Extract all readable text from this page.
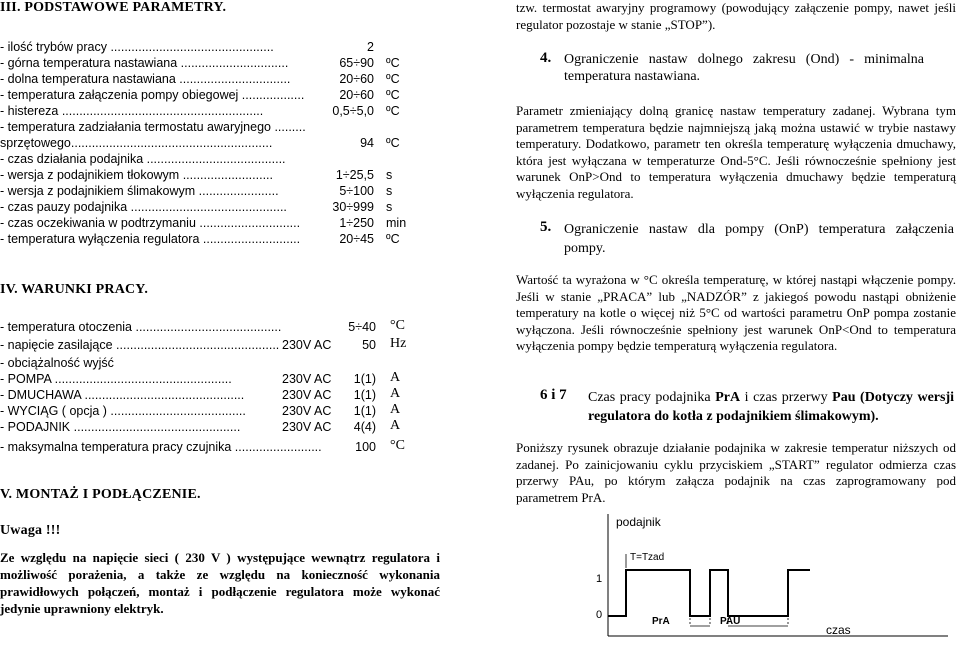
III. PODSTAWOWE PARAMETRY.
- ilość trybów pracy ...............................................	2
- górna temperatura nastawiana ...............................	65÷90 ºC
- dolna temperatura nastawiana ................................	20÷60 ºC
- temperatura załączenia pompy obiegowej ..................	20÷60 ºC
- histereza ..........................................................	0,5÷5,0 ºC
- temperatura zadziałania termostatu awaryjnego .........
sprzętowego..........................................................	94 ºC
- czas działania podajnika ........................................
- wersja z podajnikiem tłokowym ..........................	1÷25,5 s
- wersja z podajnikiem ślimakowym .......................	5÷100 s
- czas pauzy podajnika .............................................	30÷999 s
- czas oczekiwania w podtrzymaniu .............................	1÷250 min
- temperatura wyłączenia regulatora ............................	20÷45 ºC
IV. WARUNKI PRACY.
- temperatura otoczenia ..........................................	5÷40 °C
- napięcie zasilające ............................................... 230V AC	50 Hz
- obciążalność wyjść
- POMPA ...................................................	230V AC	1(1) A
- DMUCHAWA ..............................................	230V AC	1(1) A
- WYCIĄG ( opcja ) .......................................	230V AC	1(1) A
- PODAJNIK ................................................	230V AC	4(4) A
- maksymalna temperatura pracy czujnika .........................	100 °C
V. MONTAŻ I PODŁĄCZENIE.
Uwaga !!!
Ze względu na napięcie sieci ( 230 V ) występujące wewnątrz regulatora i możliwość porażenia, a także ze względu na konieczność wykonania prawidłowych połączeń, montaż i podłączenie regulatora może wykonać jedynie uprawniony elektryk.
tzw. termostat awaryjny programowy (powodujący załączenie pompy, nawet jeśli regulator pozostaje w stanie „STOP”).
4. Ograniczenie nastaw dolnego zakresu (Ond) - minimalna temperatura nastawiana.
Parametr zmieniający dolną granicę nastaw temperatury zadanej. Wybrana tym parametrem temperatura będzie najmniejszą jaką można ustawić w trybie nastawy temperatury. Dodatkowo, parametr ten określa temperaturę wyłączenia dmuchawy, która jest wyłączana w temperaturze Ond-5°C. Jeśli równocześnie spełniony jest warunek OnP>Ond to temperatura wyłączenia dmuchawy będzie temperaturą wyłączenia regulatora.
5. Ograniczenie nastaw dla pompy (OnP) temperatura załączenia pompy.
Wartość ta wyrażona w °C określa temperaturę, w której nastąpi włączenie pompy. Jeśli w stanie „PRACA” lub „NADZÓR” z jakiegoś powodu nastąpi obniżenie temperatury na kotle o więcej niż 5°C od wartości parametru OnP pompa zostanie wyłączona. Jeśli równocześnie spełniony jest warunek OnP<Ond to temperatura wyłączenia pompy będzie temperaturą wyłączenia regulatora.
6 i 7 Czas pracy podajnika PrA i czas przerwy Pau (Dotyczy wersji regulatora do kotła z podajnikiem ślimakowym).
Poniższy rysunek obrazuje działanie podajnika w zakresie temperatur niższych od zadanej. Po zainicjowaniu cyklu przyciskiem „START” regulator odmierza czas przerwy PAu, po którym załącza podajnik na czas zaprogramowany pod parametrem PrA.
podajnik
1
0
T=Tzad
PrA	PAU
czas
